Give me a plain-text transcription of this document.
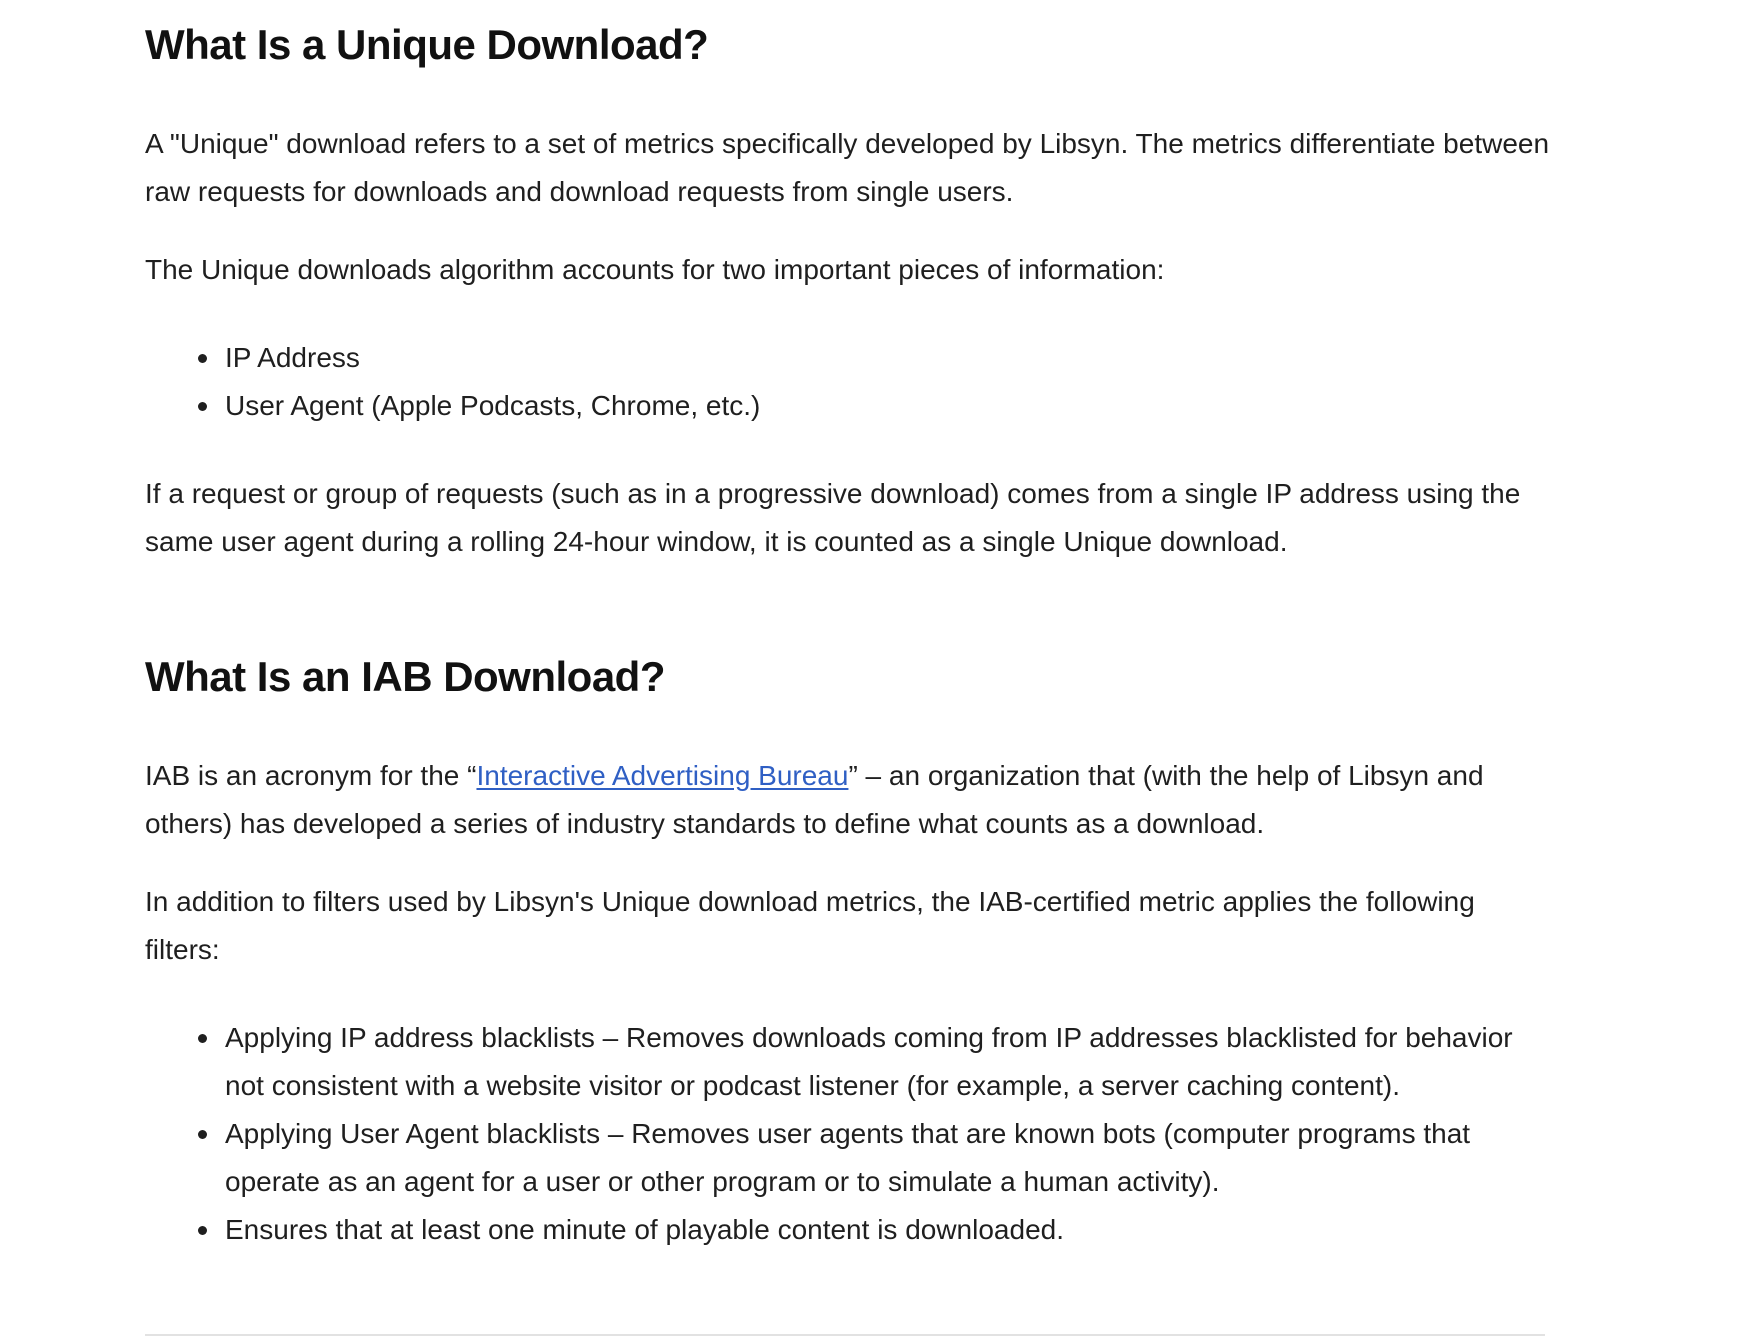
What Is a Unique Download?

A "Unique" download refers to a set of metrics specifically developed by Libsyn. The metrics differentiate between raw requests for downloads and download requests from single users.

The Unique downloads algorithm accounts for two important pieces of information:

IP Address
User Agent (Apple Podcasts, Chrome, etc.)

If a request or group of requests (such as in a progressive download) comes from a single IP address using the same user agent during a rolling 24-hour window, it is counted as a single Unique download.

What Is an IAB Download?

IAB is an acronym for the “Interactive Advertising Bureau” – an organization that (with the help of Libsyn and others) has developed a series of industry standards to define what counts as a download.

In addition to filters used by Libsyn's Unique download metrics, the IAB-certified metric applies the following filters:

Applying IP address blacklists – Removes downloads coming from IP addresses blacklisted for behavior not consistent with a website visitor or podcast listener (for example, a server caching content).
Applying User Agent blacklists – Removes user agents that are known bots (computer programs that operate as an agent for a user or other program or to simulate a human activity).
Ensures that at least one minute of playable content is downloaded.
